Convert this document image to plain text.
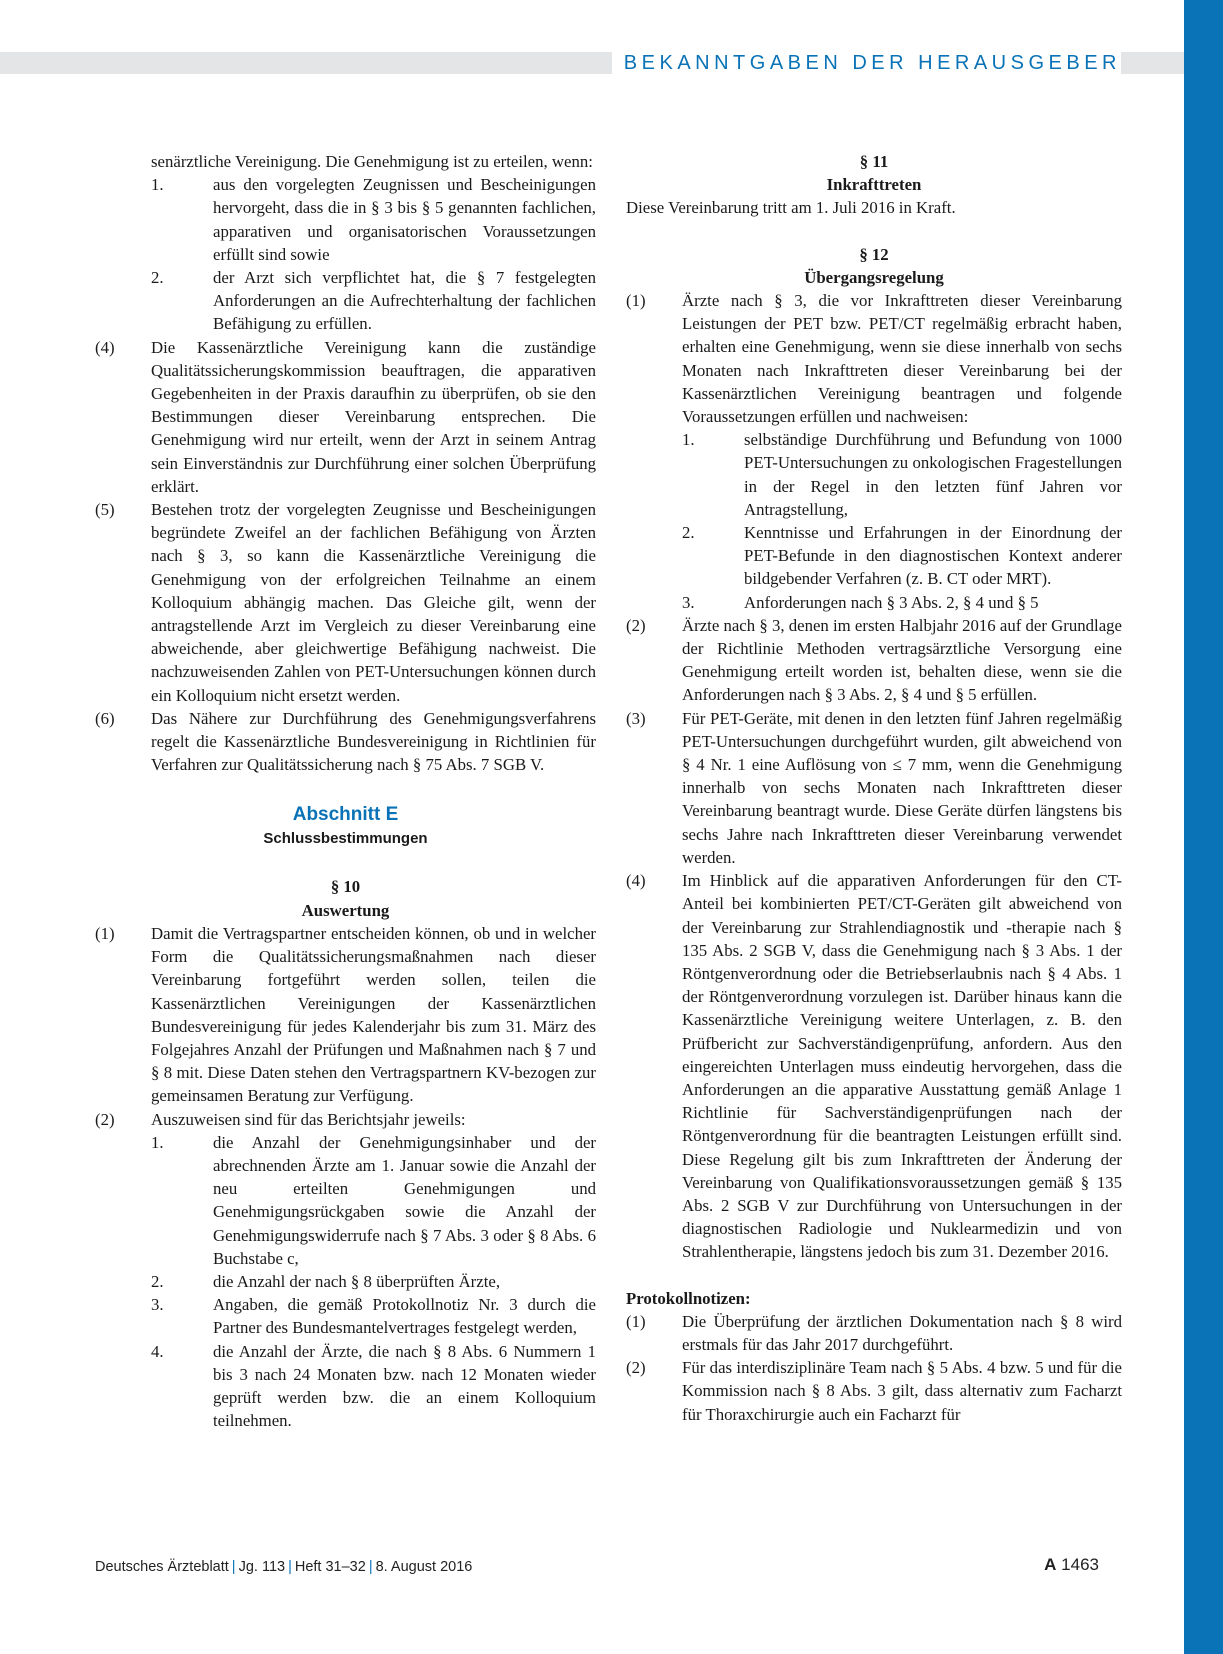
BEKANNTGABEN DER HERAUSGEBER

senärztliche Vereinigung. Die Genehmigung ist zu erteilen, wenn:

1.	aus den vorgelegten Zeugnissen und Bescheinigungen hervorgeht, dass die in § 3 bis § 5 genannten fachlichen, apparativen und organisatorischen Voraussetzungen erfüllt sind sowie
2.	der Arzt sich verpflichtet hat, die § 7 festgelegten Anforderungen an die Aufrechterhaltung der fachlichen Befähigung zu erfüllen.
(4)	Die Kassenärztliche Vereinigung kann die zuständige Qualitätssicherungskommission beauftragen, die apparativen Gegebenheiten in der Praxis daraufhin zu überprüfen, ob sie den Bestimmungen dieser Vereinbarung entsprechen. Die Genehmigung wird nur erteilt, wenn der Arzt in seinem Antrag sein Einverständnis zur Durchführung einer solchen Überprüfung erklärt.
(5)	Bestehen trotz der vorgelegten Zeugnisse und Bescheinigungen begründete Zweifel an der fachlichen Befähigung von Ärzten nach § 3, so kann die Kassenärztliche Vereinigung die Genehmigung von der erfolgreichen Teilnahme an einem Kolloquium abhängig machen. Das Gleiche gilt, wenn der antragstellende Arzt im Vergleich zu dieser Vereinbarung eine abweichende, aber gleichwertige Befähigung nachweist. Die nachzuweisenden Zahlen von PET-Untersuchungen können durch ein Kolloquium nicht ersetzt werden.
(6)	Das Nähere zur Durchführung des Genehmigungsverfahrens regelt die Kassenärztliche Bundesvereinigung in Richtlinien für Verfahren zur Qualitätssicherung nach § 75 Abs. 7 SGB V.
Abschnitt E
Schlussbestimmungen
§ 10
Auswertung
(1)	Damit die Vertragspartner entscheiden können, ob und in welcher Form die Qualitätssicherungsmaßnahmen nach dieser Vereinbarung fortgeführt werden sollen, teilen die Kassenärztlichen Vereinigungen der Kassenärztlichen Bundesvereinigung für jedes Kalenderjahr bis zum 31. März des Folgejahres Anzahl der Prüfungen und Maßnahmen nach § 7 und § 8 mit. Diese Daten stehen den Vertragspartnern KV-bezogen zur gemeinsamen Beratung zur Verfügung.
(2)	Auszuweisen sind für das Berichtsjahr jeweils:
1.	die Anzahl der Genehmigungsinhaber und der abrechnenden Ärzte am 1. Januar sowie die Anzahl der neu erteilten Genehmigungen und Genehmigungsrückgaben sowie die Anzahl der Genehmigungswiderrufe nach § 7 Abs. 3 oder § 8 Abs. 6 Buchstabe c,
2.	die Anzahl der nach § 8 überprüften Ärzte,
3.	Angaben, die gemäß Protokollnotiz Nr. 3 durch die Partner des Bundesmantelvertrages festgelegt werden,
4.	die Anzahl der Ärzte, die nach § 8 Abs. 6 Nummern 1 bis 3 nach 24 Monaten bzw. nach 12 Monaten wieder geprüft werden bzw. die an einem Kolloquium teilnehmen.
§ 11
Inkrafttreten

Diese Vereinbarung tritt am 1. Juli 2016 in Kraft.

§ 12
Übergangsregelung
(1)	Ärzte nach § 3, die vor Inkrafttreten dieser Vereinbarung Leistungen der PET bzw. PET/CT regelmäßig erbracht haben, erhalten eine Genehmigung, wenn sie diese innerhalb von sechs Monaten nach Inkrafttreten dieser Vereinbarung bei der Kassenärztlichen Vereinigung beantragen und folgende Voraussetzungen erfüllen und nachweisen:
1.	selbständige Durchführung und Befundung von 1000 PET-Untersuchungen zu onkologischen Fragestellungen in der Regel in den letzten fünf Jahren vor Antragstellung,
2.	Kenntnisse und Erfahrungen in der Einordnung der PET-Befunde in den diagnostischen Kontext anderer bildgebender Verfahren (z. B. CT oder MRT).
3.	Anforderungen nach § 3 Abs. 2, § 4 und § 5
(2)	Ärzte nach § 3, denen im ersten Halbjahr 2016 auf der Grundlage der Richtlinie Methoden vertragsärztliche Versorgung eine Genehmigung erteilt worden ist, behalten diese, wenn sie die Anforderungen nach § 3 Abs. 2, § 4 und § 5 erfüllen.
(3)	Für PET-Geräte, mit denen in den letzten fünf Jahren regelmäßig PET-Untersuchungen durchgeführt wurden, gilt abweichend von § 4 Nr. 1 eine Auflösung von ≤ 7 mm, wenn die Genehmigung innerhalb von sechs Monaten nach Inkrafttreten dieser Vereinbarung beantragt wurde. Diese Geräte dürfen längstens bis sechs Jahre nach Inkrafttreten dieser Vereinbarung verwendet werden.
(4)	Im Hinblick auf die apparativen Anforderungen für den CT-Anteil bei kombinierten PET/CT-Geräten gilt abweichend von der Vereinbarung zur Strahlendiagnostik und -therapie nach § 135 Abs. 2 SGB V, dass die Genehmigung nach § 3 Abs. 1 der Röntgenverordnung oder die Betriebserlaubnis nach § 4 Abs. 1 der Röntgenverordnung vorzulegen ist. Darüber hinaus kann die Kassenärztliche Vereinigung weitere Unterlagen, z. B. den Prüfbericht zur Sachverständigenprüfung, anfordern. Aus den eingereichten Unterlagen muss eindeutig hervorgehen, dass die Anforderungen an die apparative Ausstattung gemäß Anlage 1 Richtlinie für Sachverständigenprüfungen nach der Röntgenverordnung für die beantragten Leistungen erfüllt sind. Diese Regelung gilt bis zum Inkrafttreten der Änderung der Vereinbarung von Qualifikationsvoraussetzungen gemäß § 135 Abs. 2 SGB V zur Durchführung von Untersuchungen in der diagnostischen Radiologie und Nuklearmedizin und von Strahlentherapie, längstens jedoch bis zum 31. Dezember 2016.
Protokollnotizen:
(1)	Die Überprüfung der ärztlichen Dokumentation nach § 8 wird erstmals für das Jahr 2017 durchgeführt.
(2)	Für das interdisziplinäre Team nach § 5 Abs. 4 bzw. 5 und für die Kommission nach § 8 Abs. 3 gilt, dass alternativ zum Facharzt für Thoraxchirurgie auch ein Facharzt für
Deutsches Ärzteblatt | Jg. 113 | Heft 31–32 | 8. August 2016	A 1463
